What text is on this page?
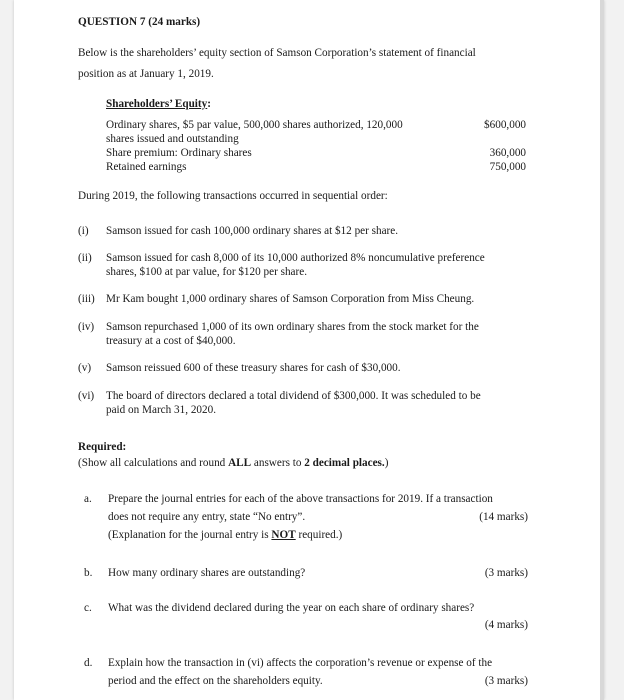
QUESTION 7 (24 marks)
Below is the shareholders’ equity section of Samson Corporation’s statement of financial
position as at January 1, 2019.
Shareholders’ Equity:
Ordinary shares, $5 par value, 500,000 shares authorized, 120,000
shares issued and outstanding
$600,000
Share premium: Ordinary shares	360,000
Retained earnings	750,000
During 2019, the following transactions occurred in sequential order:
(i) Samson issued for cash 100,000 ordinary shares at $12 per share.
(ii) Samson issued for cash 8,000 of its 10,000 authorized 8% noncumulative preference
shares, $100 at par value, for $120 per share.
(iii) Mr Kam bought 1,000 ordinary shares of Samson Corporation from Miss Cheung.
(iv) Samson repurchased 1,000 of its own ordinary shares from the stock market for the
treasury at a cost of $40,000.
(v) Samson reissued 600 of these treasury shares for cash of $30,000.
(vi) The board of directors declared a total dividend of $300,000. It was scheduled to be
paid on March 31, 2020.
Required:
(Show all calculations and round ALL answers to 2 decimal places.)
a. Prepare the journal entries for each of the above transactions for 2019. If a transaction
does not require any entry, state “No entry”.	(14 marks)
(Explanation for the journal entry is NOT required.)
b. How many ordinary shares are outstanding?	(3 marks)
c. What was the dividend declared during the year on each share of ordinary shares?
(4 marks)
d. Explain how the transaction in (vi) affects the corporation’s revenue or expense of the
period and the effect on the shareholders equity.	(3 marks)
